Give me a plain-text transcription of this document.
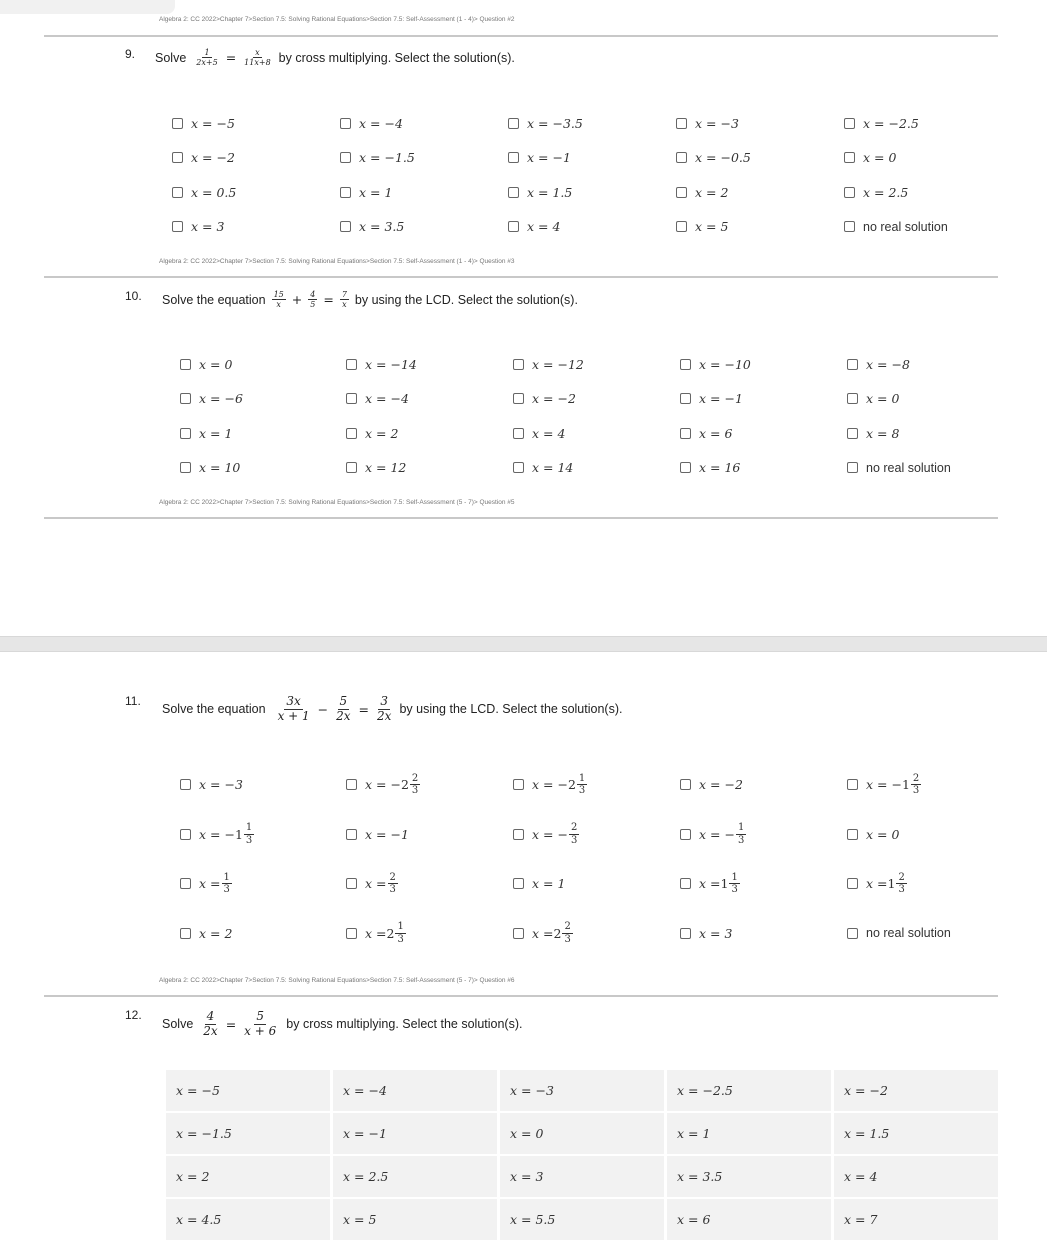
Algebra 2: CC 2022>Chapter 7>Section 7.5: Solving Rational Equations>Section 7.5: Self-Assessment (1 - 4)> Question #2
9. Solve $\frac{1}{2x+5} = \frac{x}{11x+8}$ by cross multiplying. Select the solution(s).
x = −5	x = −4	x = −3.5	x = −3	x = −2.5
x = −2	x = −1.5	x = −1	x = −0.5	x = 0
x = 0.5	x = 1	x = 1.5	x = 2	x = 2.5
x = 3	x = 3.5	x = 4	x = 5	no real solution
Algebra 2: CC 2022>Chapter 7>Section 7.5: Solving Rational Equations>Section 7.5: Self-Assessment (1 - 4)> Question #3
10. Solve the equation $\frac{15}{x} + \frac{4}{5} = \frac{7}{x}$ by using the LCD. Select the solution(s).
x = 0	x = −14	x = −12	x = −10	x = −8
x = −6	x = −4	x = −2	x = −1	x = 0
x = 1	x = 2	x = 4	x = 6	x = 8
x = 10	x = 12	x = 14	x = 16	no real solution
Algebra 2: CC 2022>Chapter 7>Section 7.5: Solving Rational Equations>Section 7.5: Self-Assessment (5 - 7)> Question #5
11.
Solve the equation $\frac{3x}{x + 1} - \frac{5}{2x} = \frac{3}{2x}$ by using the LCD. Select the solution(s).
x = −3	x = − $2 \frac{2}{3}$	x = − $2 \frac{1}{3}$	x = −2	x = − $1 \frac{2}{3}$
x = − $1 \frac{1}{3}$	x = −1	x = − $\frac{2}{3}$	x = − $\frac{1}{3}$	x = 0
$x = \frac{1}{3}$	$x = \frac{2}{3}$	x = 1	$x = 1 \frac{1}{3}$	$x = 1 \frac{2}{3}$
x = 2	$x = 2 \frac{1}{3}$	$x = 2 \frac{2}{3}$	x = 3	no real solution
Algebra 2: CC 2022>Chapter 7>Section 7.5: Solving Rational Equations>Section 7.5: Self-Assessment (5 - 7)> Question #6
12.
Solve $\frac{4}{2x} = \frac{5}{x + 6}$ by cross multiplying. Select the solution(s).
x = −5	x = −4	x = −3	x = −2.5	x = −2
x = −1.5	x = −1	x = 0	x = 1	x = 1.5
x = 2	x = 2.5	x = 3	x = 3.5	x = 4
x = 4.5	x = 5	x = 5.5	x = 6	x = 7
